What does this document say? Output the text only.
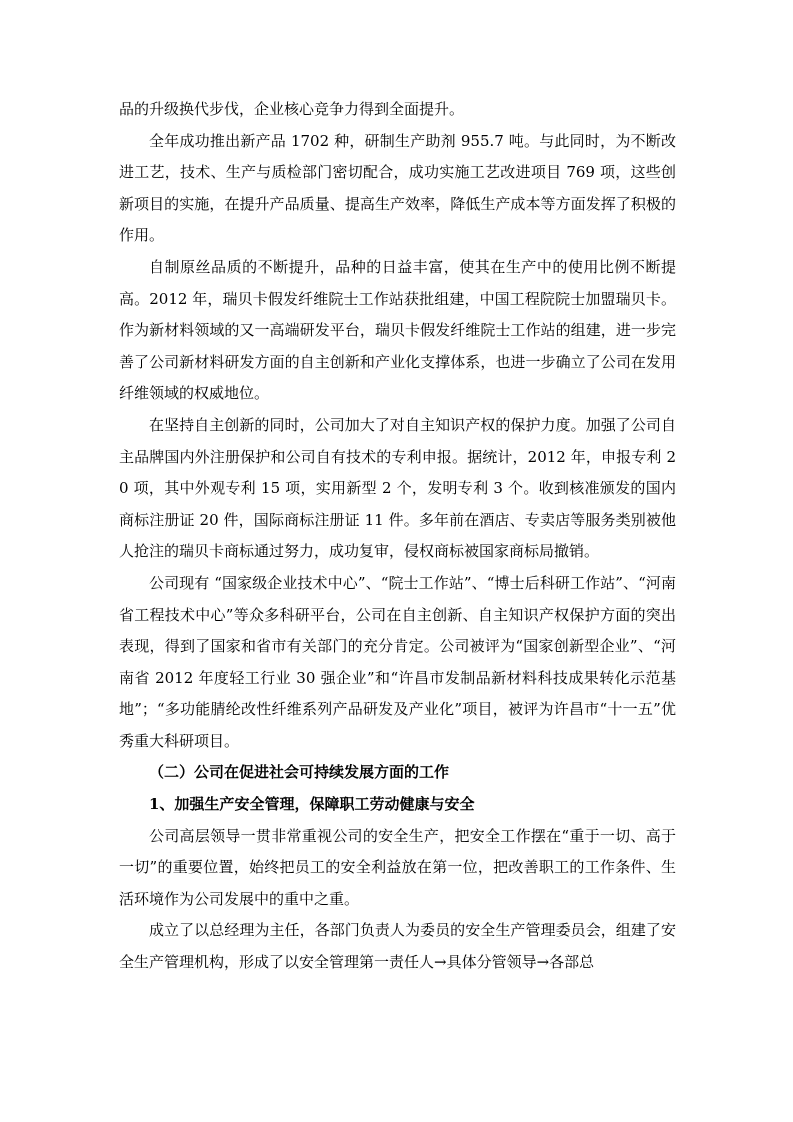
品的升级换代步伐，企业核心竞争力得到全面提升。

全年成功推出新产品 1702 种，研制生产助剂 955.7 吨。与此同时，为不断改进工艺，技术、生产与质检部门密切配合，成功实施工艺改进项目 769 项，这些创新项目的实施，在提升产品质量、提高生产效率，降低生产成本等方面发挥了积极的作用。

自制原丝品质的不断提升，品种的日益丰富，使其在生产中的使用比例不断提高。2012 年，瑞贝卡假发纤维院士工作站获批组建，中国工程院院士加盟瑞贝卡。作为新材料领域的又一高端研发平台，瑞贝卡假发纤维院士工作站的组建，进一步完善了公司新材料研发方面的自主创新和产业化支撑体系，也进一步确立了公司在发用纤维领域的权威地位。

在坚持自主创新的同时，公司加大了对自主知识产权的保护力度。加强了公司自主品牌国内外注册保护和公司自有技术的专利申报。据统计，2012 年，申报专利 20 项，其中外观专利 15 项，实用新型 2 个，发明专利 3 个。收到核准颁发的国内商标注册证 20 件，国际商标注册证 11 件。多年前在酒店、专卖店等服务类别被他人抢注的瑞贝卡商标通过努力，成功复审，侵权商标被国家商标局撤销。

公司现有 “国家级企业技术中心”、“院士工作站”、“博士后科研工作站”、“河南省工程技术中心”等众多科研平台，公司在自主创新、自主知识产权保护方面的突出表现，得到了国家和省市有关部门的充分肯定。公司被评为“国家创新型企业”、“河南省 2012 年度轻工行业 30 强企业”和“许昌市发制品新材料科技成果转化示范基地”；“多功能腈纶改性纤维系列产品研发及产业化”项目，被评为许昌市“十一五”优秀重大科研项目。

（二）公司在促进社会可持续发展方面的工作

1、加强生产安全管理，保障职工劳动健康与安全

公司高层领导一贯非常重视公司的安全生产，把安全工作摆在“重于一切、高于一切”的重要位置，始终把员工的安全利益放在第一位，把改善职工的工作条件、生活环境作为公司发展中的重中之重。

成立了以总经理为主任，各部门负责人为委员的安全生产管理委员会，组建了安全生产管理机构，形成了以安全管理第一责任人→具体分管领导→各部总
